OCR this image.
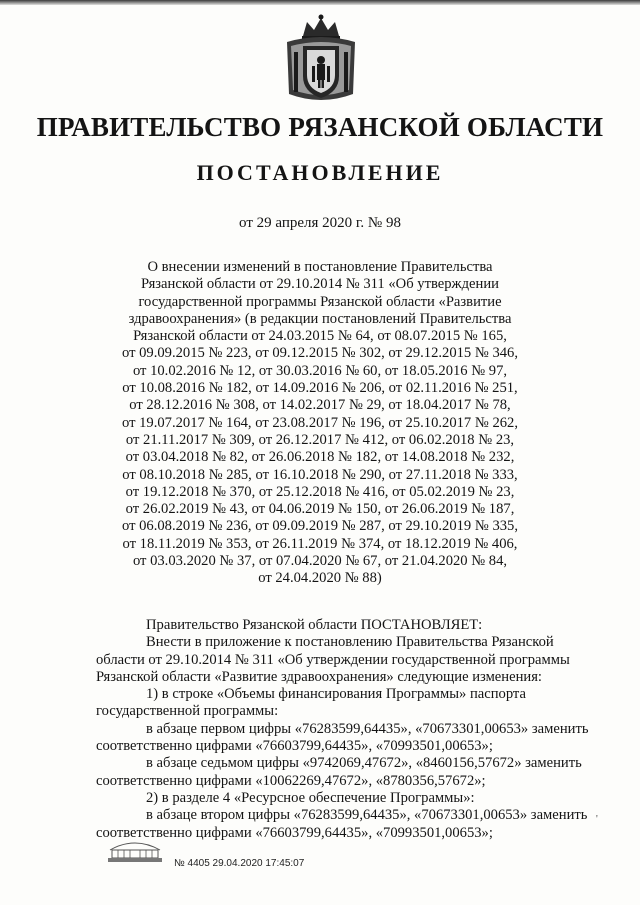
ПРАВИТЕЛЬСТВО РЯЗАНСКОЙ ОБЛАСТИ
ПОСТАНОВЛЕНИЕ
от 29 апреля 2020 г. № 98
О внесении изменений в постановление Правительства
Рязанской области от 29.10.2014 № 311 «Об утверждении
государственной программы Рязанской области «Развитие
здравоохранения» (в редакции постановлений Правительства
Рязанской области от 24.03.2015 № 64, от 08.07.2015 № 165,
от 09.09.2015 № 223, от 09.12.2015 № 302, от 29.12.2015 № 346,
от 10.02.2016 № 12, от 30.03.2016 № 60, от 18.05.2016 № 97,
от 10.08.2016 № 182, от 14.09.2016 № 206, от 02.11.2016 № 251,
от 28.12.2016 № 308, от 14.02.2017 № 29, от 18.04.2017 № 78,
от 19.07.2017 № 164, от 23.08.2017 № 196, от 25.10.2017 № 262,
от 21.11.2017 № 309, от 26.12.2017 № 412, от 06.02.2018 № 23,
от 03.04.2018 № 82, от 26.06.2018 № 182, от 14.08.2018 № 232,
от 08.10.2018 № 285, от 16.10.2018 № 290, от 27.11.2018 № 333,
от 19.12.2018 № 370, от 25.12.2018 № 416, от 05.02.2019 № 23,
от 26.02.2019 № 43, от 04.06.2019 № 150, от 26.06.2019 № 187,
от 06.08.2019 № 236, от 09.09.2019 № 287, от 29.10.2019 № 335,
от 18.11.2019 № 353, от 26.11.2019 № 374, от 18.12.2019 № 406,
от 03.03.2020 № 37, от 07.04.2020 № 67, от 21.04.2020 № 84,
от 24.04.2020 № 88)
Правительство Рязанской области ПОСТАНОВЛЯЕТ:
Внести в приложение к постановлению Правительства Рязанской
области от 29.10.2014 № 311 «Об утверждении государственной программы
Рязанской области «Развитие здравоохранения» следующие изменения:
1) в строке «Объемы финансирования Программы» паспорта
государственной программы:
в абзаце первом цифры «76283599,64435», «70673301,00653» заменить
соответственно цифрами «76603799,64435», «70993501,00653»;
в абзаце седьмом цифры «9742069,47672», «8460156,57672» заменить
соответственно цифрами «10062269,47672», «8780356,57672»;
2) в разделе 4 «Ресурсное обеспечение Программы»:
в абзаце втором цифры «76283599,64435», «70673301,00653» заменить
соответственно цифрами «76603799,64435», «70993501,00653»;
'
№ 4405 29.04.2020 17:45:07
